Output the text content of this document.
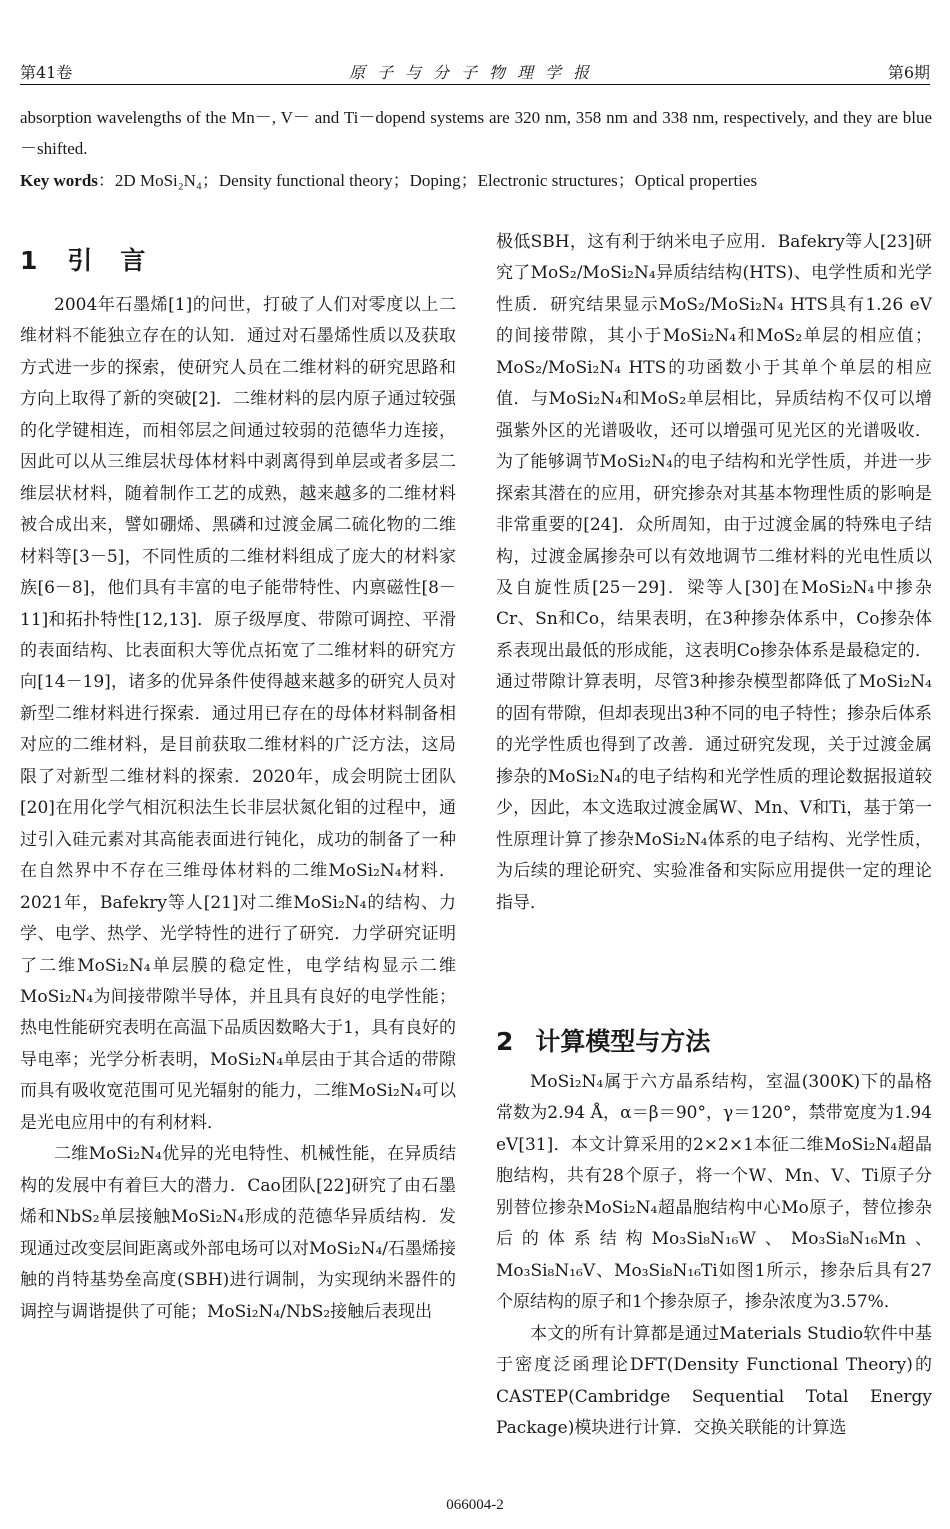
原子与分子物理学报
第41卷	第6期
absorption wavelengths of the Mn－, V－ and Ti－dopend systems are 320 nm, 358 nm and 338 nm, respectively, and they are blue－shifted.
Key words：2D MoSi₂N₄；Density functional theory；Doping；Electronic structures；Optical properties
1 引言

2004年石墨烯[1]的问世，打破了人们对零度以上二维材料不能独立存在的认知．通过对石墨烯性质以及获取方式进一步的探索，使研究人员在二维材料的研究思路和方向上取得了新的突破[2]．二维材料的层内原子通过较强的化学键相连，而相邻层之间通过较弱的范德华力连接，因此可以从三维层状母体材料中剥离得到单层或者多层二维层状材料，随着制作工艺的成熟，越来越多的二维材料被合成出来，譬如硼烯、黑磷和过渡金属二硫化物的二维材料等[3－5]，不同性质的二维材料组成了庞大的材料家族[6－8]，他们具有丰富的电子能带特性、内禀磁性[8－11]和拓扑特性[12,13]．原子级厚度、带隙可调控、平滑的表面结构、比表面积大等优点拓宽了二维材料的研究方向[14－19]，诸多的优异条件使得越来越多的研究人员对新型二维材料进行探索．通过用已存在的母体材料制备相对应的二维材料，是目前获取二维材料的广泛方法，这局限了对新型二维材料的探索．2020年，成会明院士团队[20]在用化学气相沉积法生长非层状氮化钼的过程中，通过引入硅元素对其高能表面进行钝化，成功的制备了一种在自然界中不存在三维母体材料的二维MoSi₂N₄材料．2021年，Bafekry等人[21]对二维MoSi₂N₄的结构、力学、电学、热学、光学特性的进行了研究．力学研究证明了二维MoSi₂N₄单层膜的稳定性，电学结构显示二维MoSi₂N₄为间接带隙半导体，并且具有良好的电学性能；热电性能研究表明在高温下品质因数略大于1，具有良好的导电率；光学分析表明，MoSi₂N₄单层由于其合适的带隙而具有吸收宽范围可见光辐射的能力，二维MoSi₂N₄可以是光电应用中的有利材料．

二维MoSi₂N₄优异的光电特性、机械性能，在异质结构的发展中有着巨大的潜力．Cao团队[22]研究了由石墨烯和NbS₂单层接触MoSi₂N₄形成的范德华异质结构．发现通过改变层间距离或外部电场可以对MoSi₂N₄/石墨烯接触的肖特基势垒高度(SBH)进行调制，为实现纳米器件的调控与调谐提供了可能；MoSi₂N₄/NbS₂接触后表现出

极低SBH，这有利于纳米电子应用．Bafekry等人[23]研究了MoS₂/MoSi₂N₄异质结结构(HTS)、电学性质和光学性质．研究结果显示MoS₂/MoSi₂N₄ HTS具有1.26 eV的间接带隙，其小于MoSi₂N₄和MoS₂单层的相应值；MoS₂/MoSi₂N₄ HTS的功函数小于其单个单层的相应值．与MoSi₂N₄和MoS₂单层相比，异质结构不仅可以增强紫外区的光谱吸收，还可以增强可见光区的光谱吸收．为了能够调节MoSi₂N₄的电子结构和光学性质，并进一步探索其潜在的应用，研究掺杂对其基本物理性质的影响是非常重要的[24]．众所周知，由于过渡金属的特殊电子结构，过渡金属掺杂可以有效地调节二维材料的光电性质以及自旋性质[25－29]．梁等人[30]在MoSi₂N₄中掺杂Cr、Sn和Co，结果表明，在3种掺杂体系中，Co掺杂体系表现出最低的形成能，这表明Co掺杂体系是最稳定的．通过带隙计算表明，尽管3种掺杂模型都降低了MoSi₂N₄的固有带隙，但却表现出3种不同的电子特性；掺杂后体系的光学性质也得到了改善．通过研究发现，关于过渡金属掺杂的MoSi₂N₄的电子结构和光学性质的理论数据报道较少，因此，本文选取过渡金属W、Mn、V和Ti，基于第一性原理计算了掺杂MoSi₂N₄体系的电子结构、光学性质，为后续的理论研究、实验准备和实际应用提供一定的理论指导．

2 计算模型与方法

MoSi₂N₄属于六方晶系结构，室温(300K)下的晶格常数为2.94 Å，α＝β＝90°，γ＝120°，禁带宽度为1.94 eV[31]．本文计算采用的2×2×1本征二维MoSi₂N₄超晶胞结构，共有28个原子，将一个W、Mn、V、Ti原子分别替位掺杂MoSi₂N₄超晶胞结构中心Mo原子，替位掺杂后的体系结构Mo₃Si₈N₁₆W、Mo₃Si₈N₁₆Mn、Mo₃Si₈N₁₆V、Mo₃Si₈N₁₆Ti如图1所示，掺杂后具有27个原结构的原子和1个掺杂原子，掺杂浓度为3.57%．

本文的所有计算都是通过Materials Studio软件中基于密度泛函理论DFT(Density Functional Theory)的CASTEP(Cambridge Sequential Total Energy Package)模块进行计算．交换关联能的计算选

066004-2
